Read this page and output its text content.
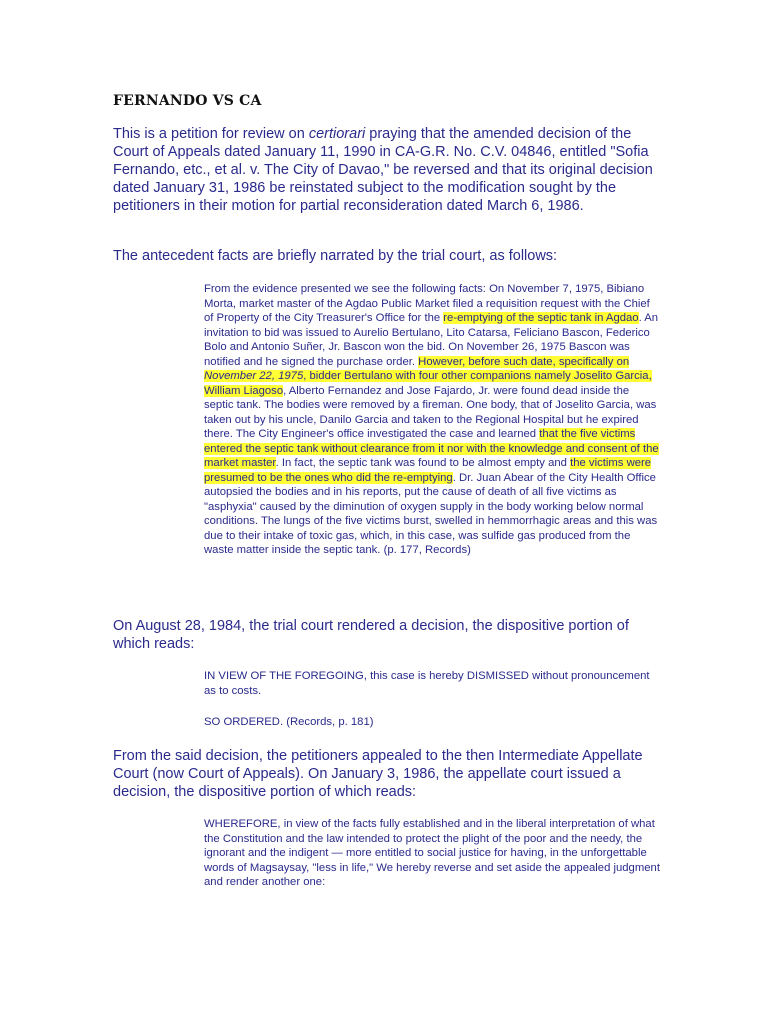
FERNANDO VS CA

This is a petition for review on certiorari praying that the amended decision of the Court of Appeals dated January 11, 1990 in CA-G.R. No. C.V. 04846, entitled "Sofia Fernando, etc., et al. v. The City of Davao," be reversed and that its original decision dated January 31, 1986 be reinstated subject to the modification sought by the petitioners in their motion for partial reconsideration dated March 6, 1986.

The antecedent facts are briefly narrated by the trial court, as follows:

From the evidence presented we see the following facts: On November 7, 1975, Bibiano Morta, market master of the Agdao Public Market filed a requisition request with the Chief of Property of the City Treasurer's Office for the re-emptying of the septic tank in Agdao. An invitation to bid was issued to Aurelio Bertulano, Lito Catarsa, Feliciano Bascon, Federico Bolo and Antonio Suñer, Jr. Bascon won the bid. On November 26, 1975 Bascon was notified and he signed the purchase order. However, before such date, specifically on November 22, 1975, bidder Bertulano with four other companions namely Joselito Garcia, William Liagoso, Alberto Fernandez and Jose Fajardo, Jr. were found dead inside the septic tank. The bodies were removed by a fireman. One body, that of Joselito Garcia, was taken out by his uncle, Danilo Garcia and taken to the Regional Hospital but he expired there. The City Engineer's office investigated the case and learned that the five victims entered the septic tank without clearance from it nor with the knowledge and consent of the market master. In fact, the septic tank was found to be almost empty and the victims were presumed to be the ones who did the re-emptying. Dr. Juan Abear of the City Health Office autopsied the bodies and in his reports, put the cause of death of all five victims as "asphyxia" caused by the diminution of oxygen supply in the body working below normal conditions. The lungs of the five victims burst, swelled in hemmorrhagic areas and this was due to their intake of toxic gas, which, in this case, was sulfide gas produced from the waste matter inside the septic tank. (p. 177, Records)

On August 28, 1984, the trial court rendered a decision, the dispositive portion of which reads:

IN VIEW OF THE FOREGOING, this case is hereby DISMISSED without pronouncement as to costs.

SO ORDERED. (Records, p. 181)

From the said decision, the petitioners appealed to the then Intermediate Appellate Court (now Court of Appeals). On January 3, 1986, the appellate court issued a decision, the dispositive portion of which reads:

WHEREFORE, in view of the facts fully established and in the liberal interpretation of what the Constitution and the law intended to protect the plight of the poor and the needy, the ignorant and the indigent — more entitled to social justice for having, in the unforgettable words of Magsaysay, "less in life," We hereby reverse and set aside the appealed judgment and render another one:
